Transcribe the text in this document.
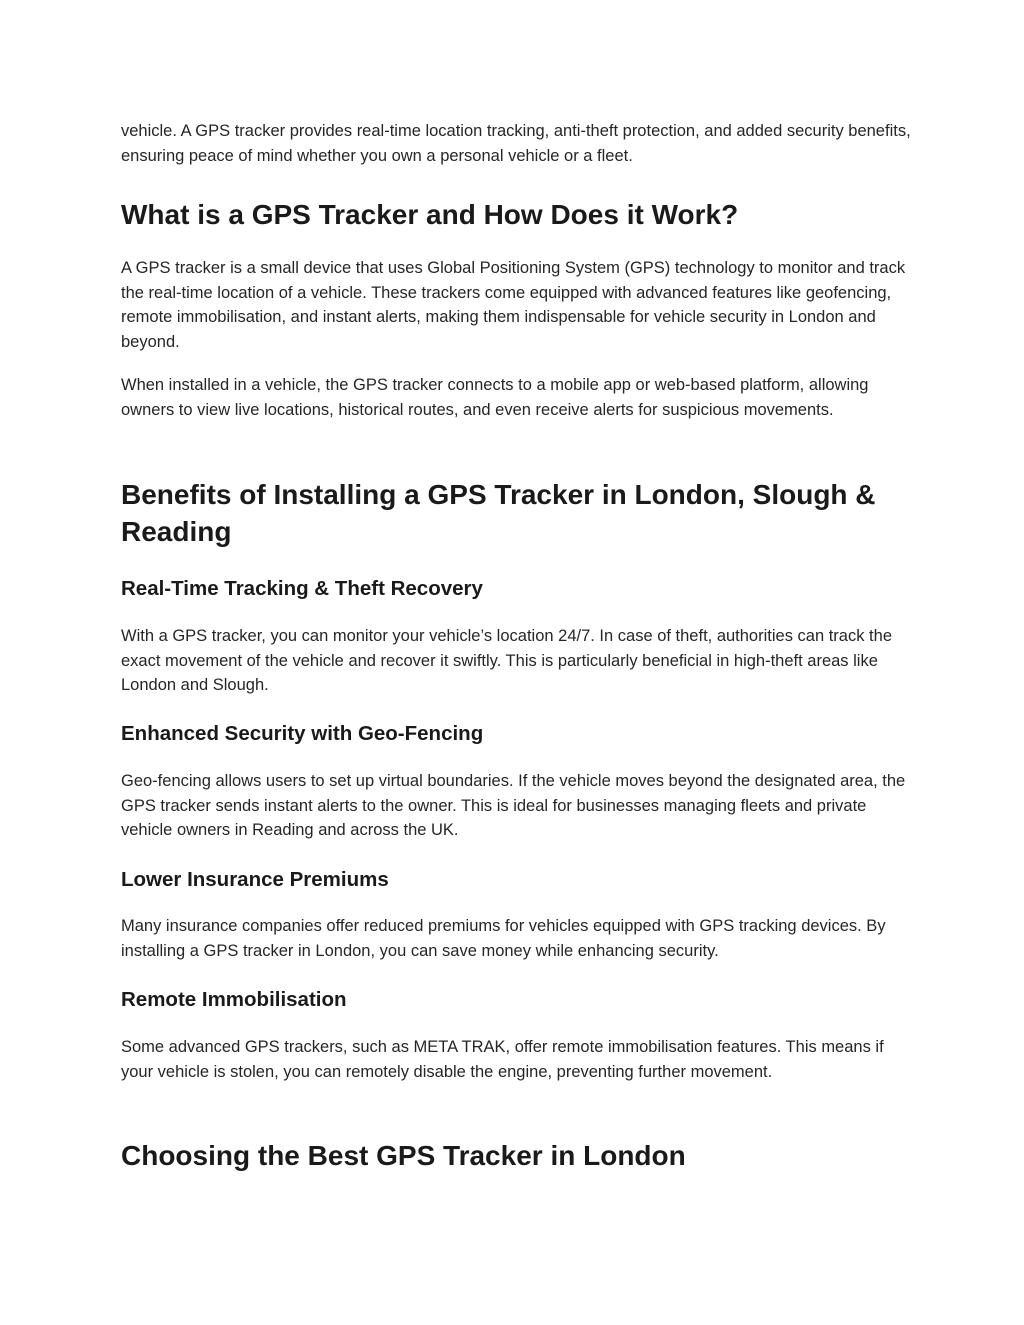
vehicle. A GPS tracker provides real-time location tracking, anti-theft protection, and added security benefits, ensuring peace of mind whether you own a personal vehicle or a fleet.

What is a GPS Tracker and How Does it Work?

A GPS tracker is a small device that uses Global Positioning System (GPS) technology to monitor and track the real-time location of a vehicle. These trackers come equipped with advanced features like geofencing, remote immobilisation, and instant alerts, making them indispensable for vehicle security in London and beyond.

When installed in a vehicle, the GPS tracker connects to a mobile app or web-based platform, allowing owners to view live locations, historical routes, and even receive alerts for suspicious movements.

Benefits of Installing a GPS Tracker in London, Slough & Reading
Real-Time Tracking & Theft Recovery

With a GPS tracker, you can monitor your vehicle’s location 24/7. In case of theft, authorities can track the exact movement of the vehicle and recover it swiftly. This is particularly beneficial in high-theft areas like London and Slough.

Enhanced Security with Geo-Fencing

Geo-fencing allows users to set up virtual boundaries. If the vehicle moves beyond the designated area, the GPS tracker sends instant alerts to the owner. This is ideal for businesses managing fleets and private vehicle owners in Reading and across the UK.

Lower Insurance Premiums

Many insurance companies offer reduced premiums for vehicles equipped with GPS tracking devices. By installing a GPS tracker in London, you can save money while enhancing security.

Remote Immobilisation

Some advanced GPS trackers, such as META TRAK, offer remote immobilisation features. This means if your vehicle is stolen, you can remotely disable the engine, preventing further movement.

Choosing the Best GPS Tracker in London
